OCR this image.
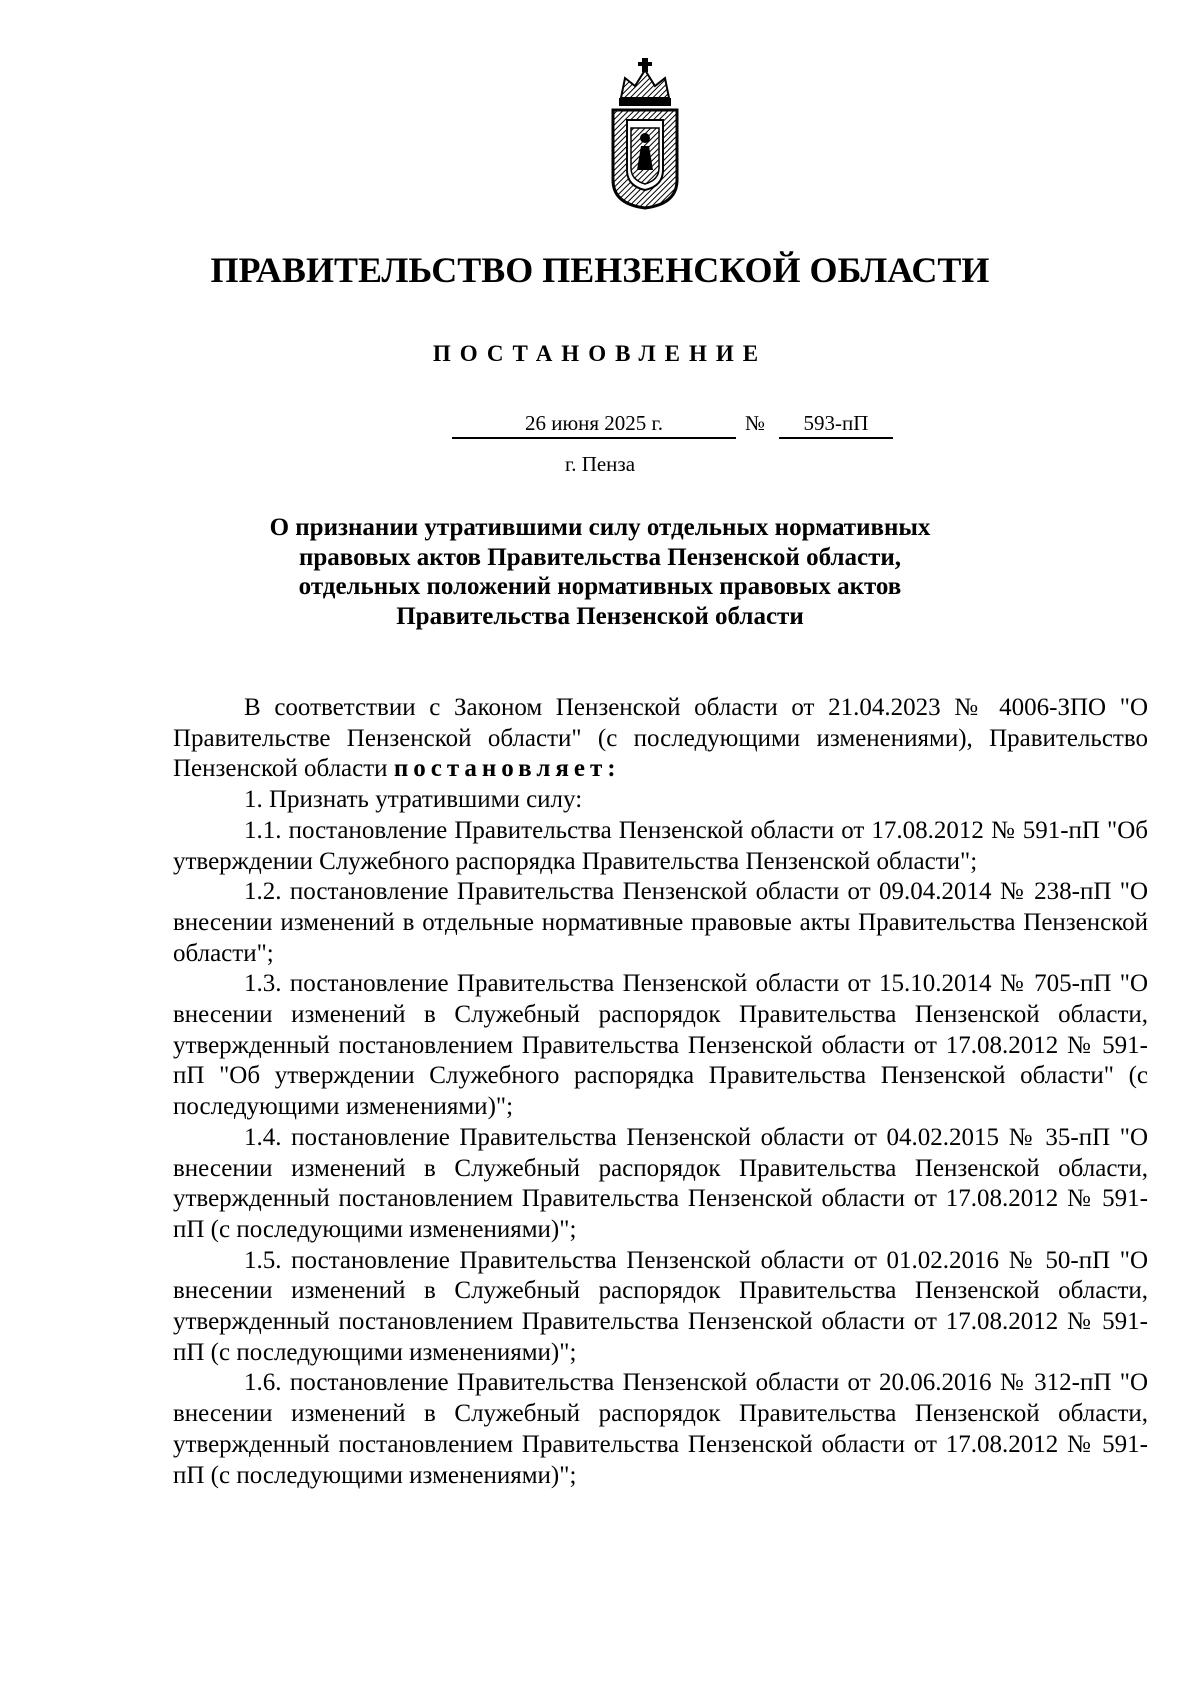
ПРАВИТЕЛЬСТВО ПЕНЗЕНСКОЙ ОБЛАСТИ
ПОСТАНОВЛЕНИЕ
26 июня 2025 г.	№	593-пП
г. Пенза
О признании утратившими силу отдельных нормативных
правовых актов Правительства Пензенской области,
отдельных положений нормативных правовых актов
Правительства Пензенской области

В соответствии с Законом Пензенской области от 21.04.2023 № 4006-ЗПО "О Правительстве Пензенской области" (с последующими изменениями), Правительство Пензенской области постановляет:

1. Признать утратившими силу:

1.1. постановление Правительства Пензенской области от 17.08.2012 № 591-пП "Об утверждении Служебного распорядка Правительства Пензенской области";

1.2. постановление Правительства Пензенской области от 09.04.2014 № 238-пП "О внесении изменений в отдельные нормативные правовые акты Правительства Пензенской области";

1.3. постановление Правительства Пензенской области от 15.10.2014 № 705-пП "О внесении изменений в Служебный распорядок Правительства Пензенской области, утвержденный постановлением Правительства Пензенской области от 17.08.2012 № 591-пП "Об утверждении Служебного распорядка Правительства Пензенской области" (с последующими изменениями)";

1.4. постановление Правительства Пензенской области от 04.02.2015 № 35-пП "О внесении изменений в Служебный распорядок Правительства Пензенской области, утвержденный постановлением Правительства Пензенской области от 17.08.2012 № 591-пП (с последующими изменениями)";

1.5. постановление Правительства Пензенской области от 01.02.2016 № 50-пП "О внесении изменений в Служебный распорядок Правительства Пензенской области, утвержденный постановлением Правительства Пензенской области от 17.08.2012 № 591-пП (с последующими изменениями)";

1.6. постановление Правительства Пензенской области от 20.06.2016 № 312-пП "О внесении изменений в Служебный распорядок Правительства Пензенской области, утвержденный постановлением Правительства Пензенской области от 17.08.2012 № 591-пП (с последующими изменениями)";
